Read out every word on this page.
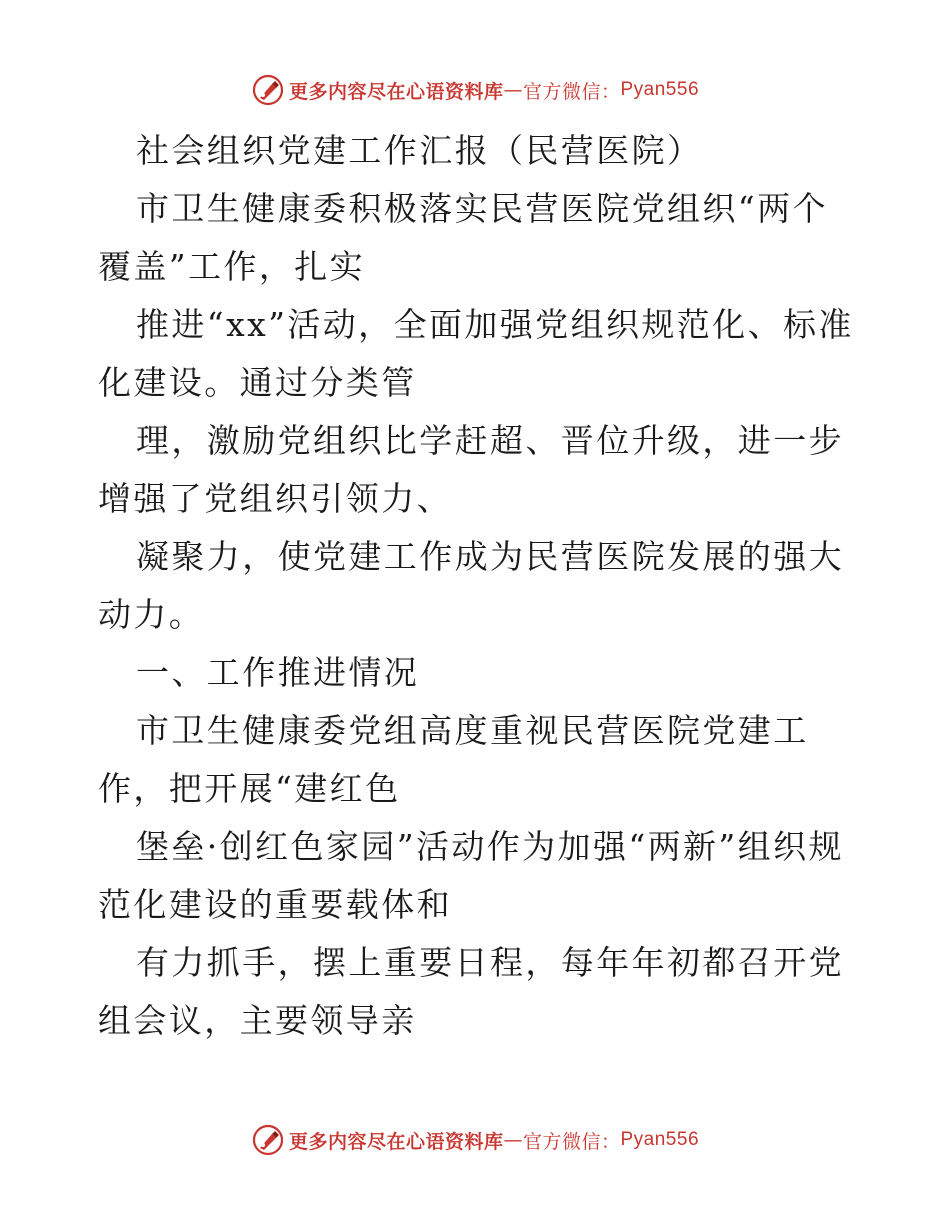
更多内容尽在心语资料库 — 官方微信： Pyan556

社会组织党建工作汇报（民营医院）

市卫生健康委积极落实民营医院党组织“两个覆盖”工作，扎实

推进“xx”活动，全面加强党组织规范化、标准化建设。通过分类管

理，激励党组织比学赶超、晋位升级，进一步增强了党组织引领力、

凝聚力，使党建工作成为民营医院发展的强大动力。

一、工作推进情况

市卫生健康委党组高度重视民营医院党建工作，把开展“建红色

堡垒·创红色家园”活动作为加强“两新”组织规范化建设的重要载体和

有力抓手，摆上重要日程，每年年初都召开党组会议，主要领导亲

更多内容尽在心语资料库 — 官方微信： Pyan556
